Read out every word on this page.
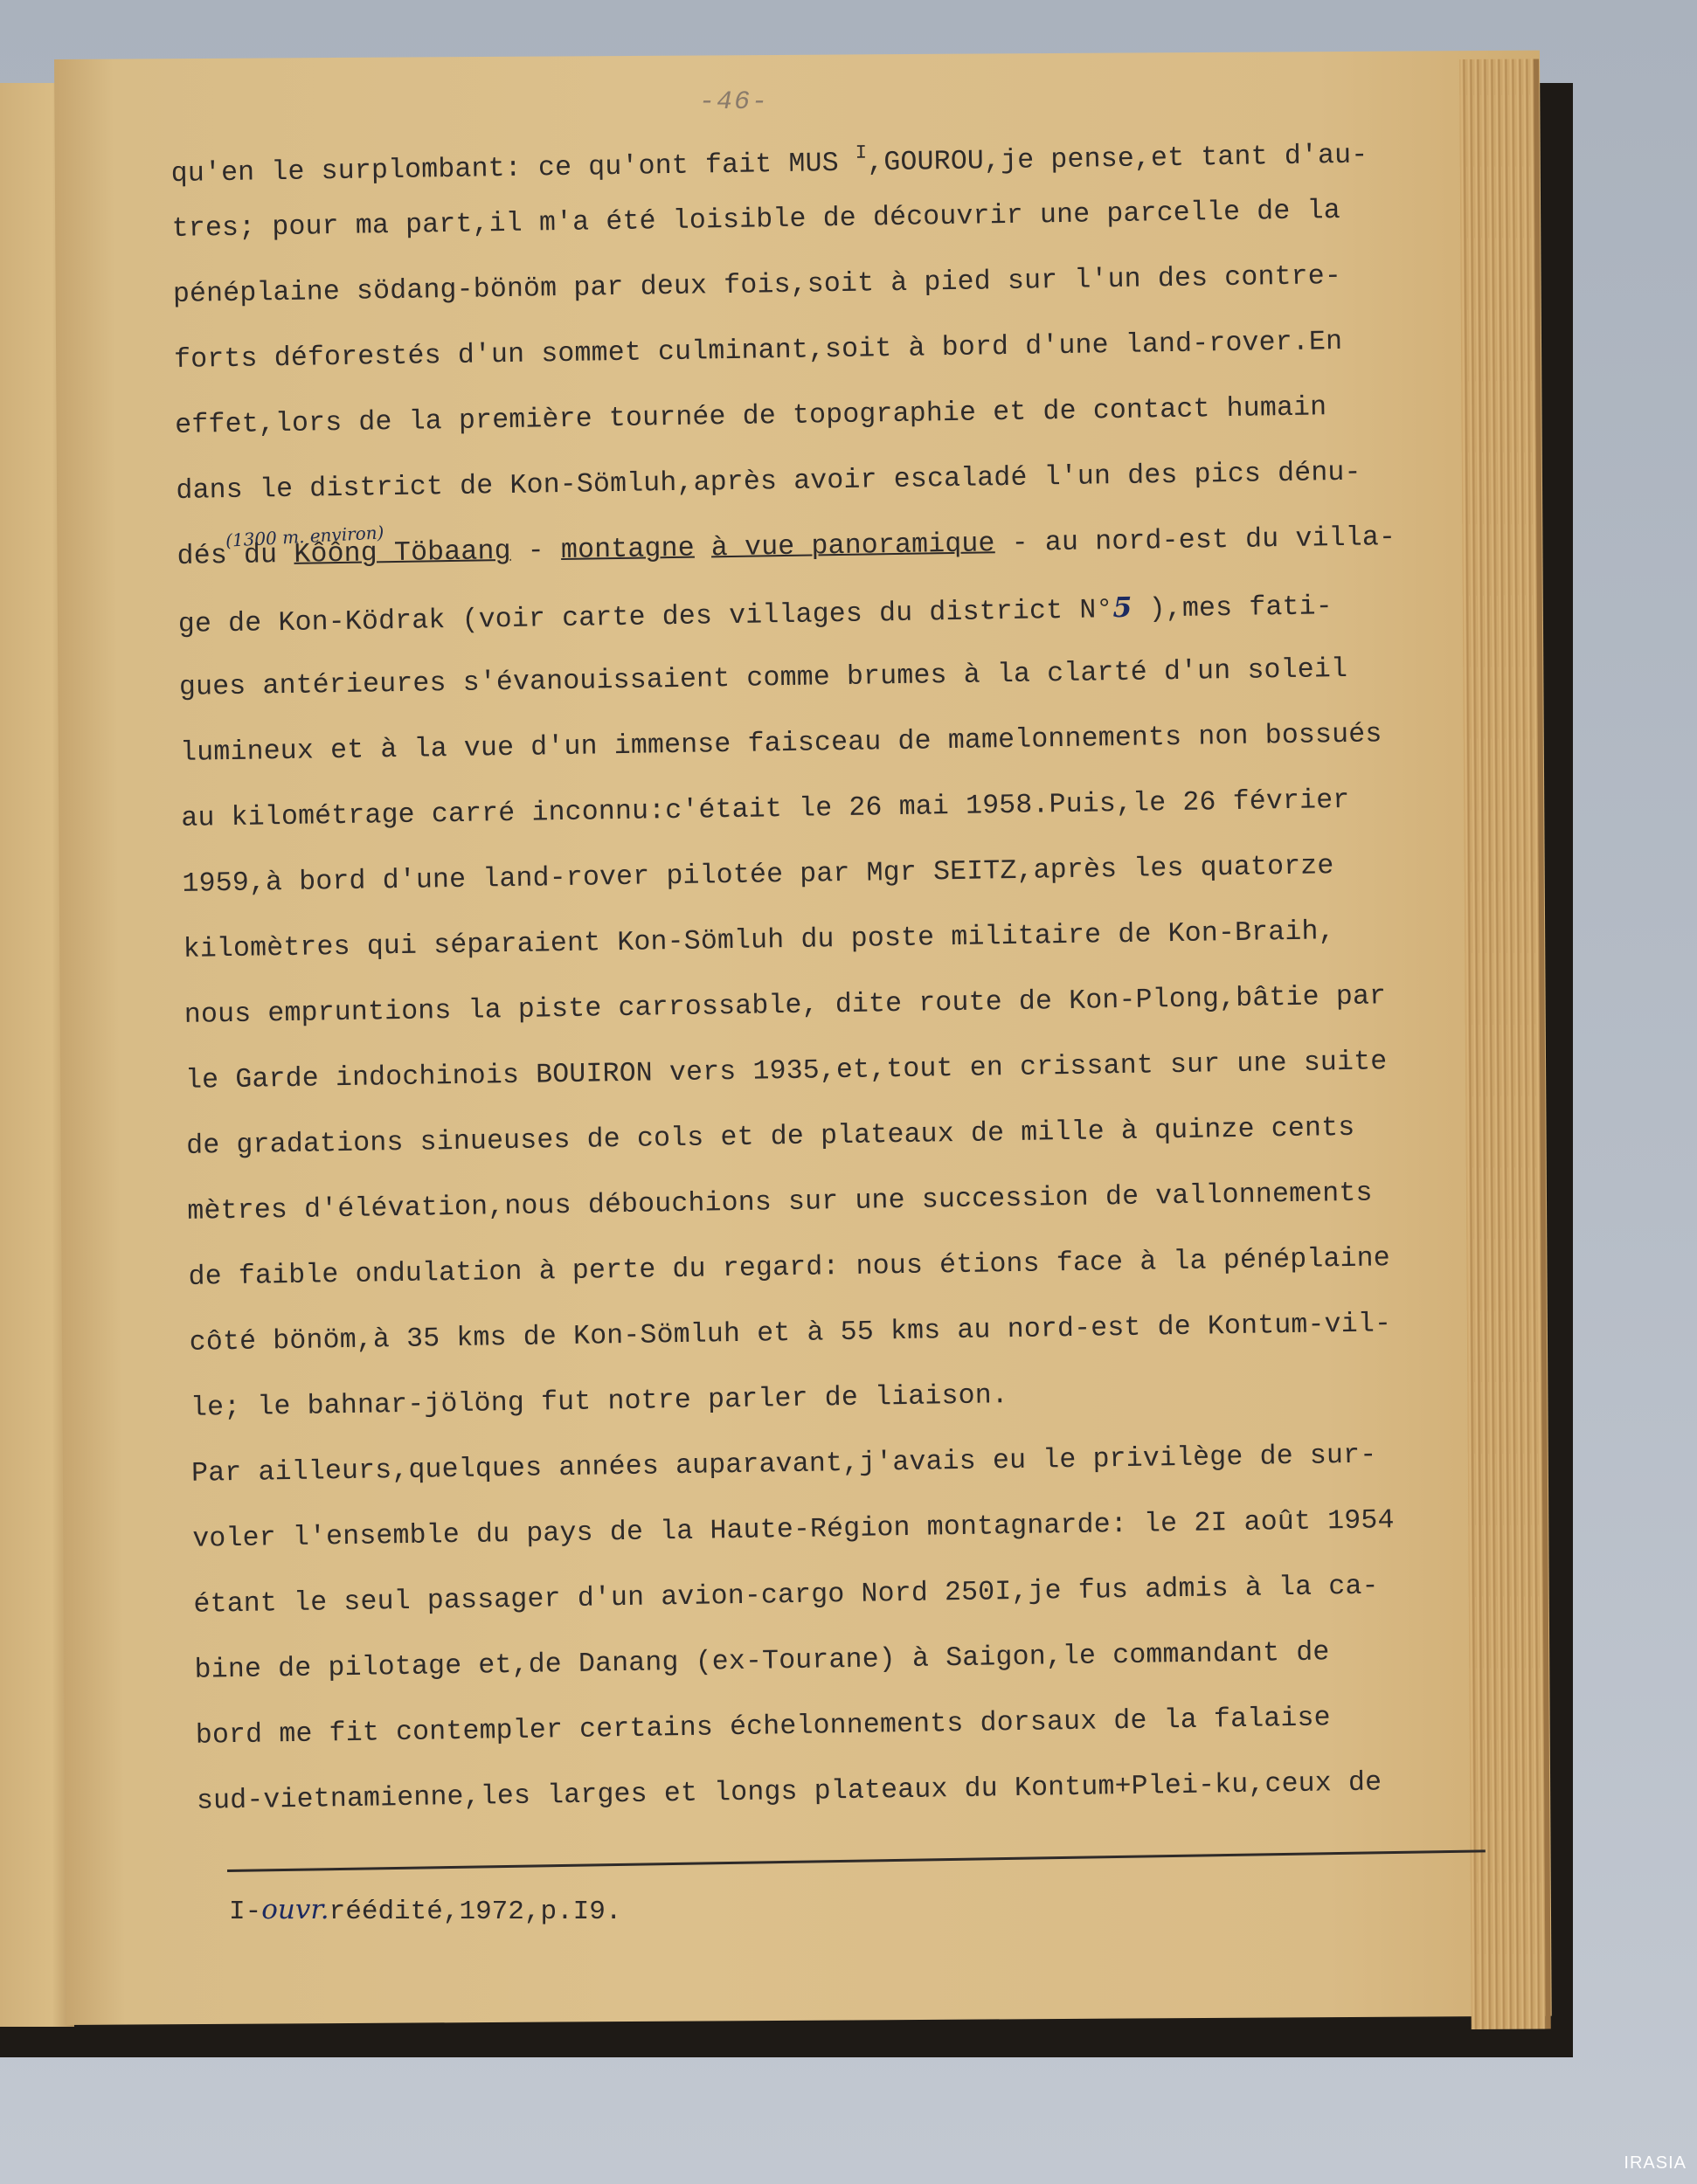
-46-
(1300 m. environ)
qu'en le surplombant: ce qu'ont fait MUS $^I$,GOUROU,je pense,et tant d'au-
tres; pour ma part,il m'a été loisible de découvrir une parcelle de la
pénéplaine södang-bönöm par deux fois,soit à pied sur l'un des contre-
forts déforestés d'un sommet culminant,soit à bord d'une land-rover.En
effet,lors de la première tournée de topographie et de contact humain
dans le district de Kon-Sömluh,après avoir escaladé l'un des pics dénu-
dés du Kôông Töbaang - montagne à vue panoramique - au nord-est du villa-
ge de Kon-Ködrak (voir carte des villages du district N°5 ),mes fati-
gues antérieures s'évanouissaient comme brumes à la clarté d'un soleil
lumineux et à la vue d'un immense faisceau de mamelonnements non bossués
au kilométrage carré inconnu:c'était le 26 mai 1958.Puis,le 26 février
1959,à bord d'une land-rover pilotée par Mgr SEITZ,après les quatorze
kilomètres qui séparaient Kon-Sömluh du poste militaire de Kon-Braih,
nous empruntions la piste carrossable, dite route de Kon-Plong,bâtie par
le Garde indochinois BOUIRON vers 1935,et,tout en crissant sur une suite
de gradations sinueuses de cols et de plateaux de mille à quinze cents
mètres d'élévation,nous débouchions sur une succession de vallonnements
de faible ondulation à perte du regard: nous étions face à la pénéplaine
côté bönöm,à 35 kms de Kon-Sömluh et à 55 kms au nord-est de Kontum-vil-
le; le bahnar-jölöng fut notre parler de liaison.
Par ailleurs,quelques années auparavant,j'avais eu le privilège de sur-
voler l'ensemble du pays de la Haute-Région montagnarde: le 2I août 1954
étant le seul passager d'un avion-cargo Nord 250I,je fus admis à la ca-
bine de pilotage et,de Danang (ex-Tourane) à Saigon,le commandant de
bord me fit contempler certains échelonnements dorsaux de la falaise
sud-vietnamienne,les larges et longs plateaux du Kontum+Plei-ku,ceux de
I-ouvr.réédité,1972,p.I9.
IRASIA
